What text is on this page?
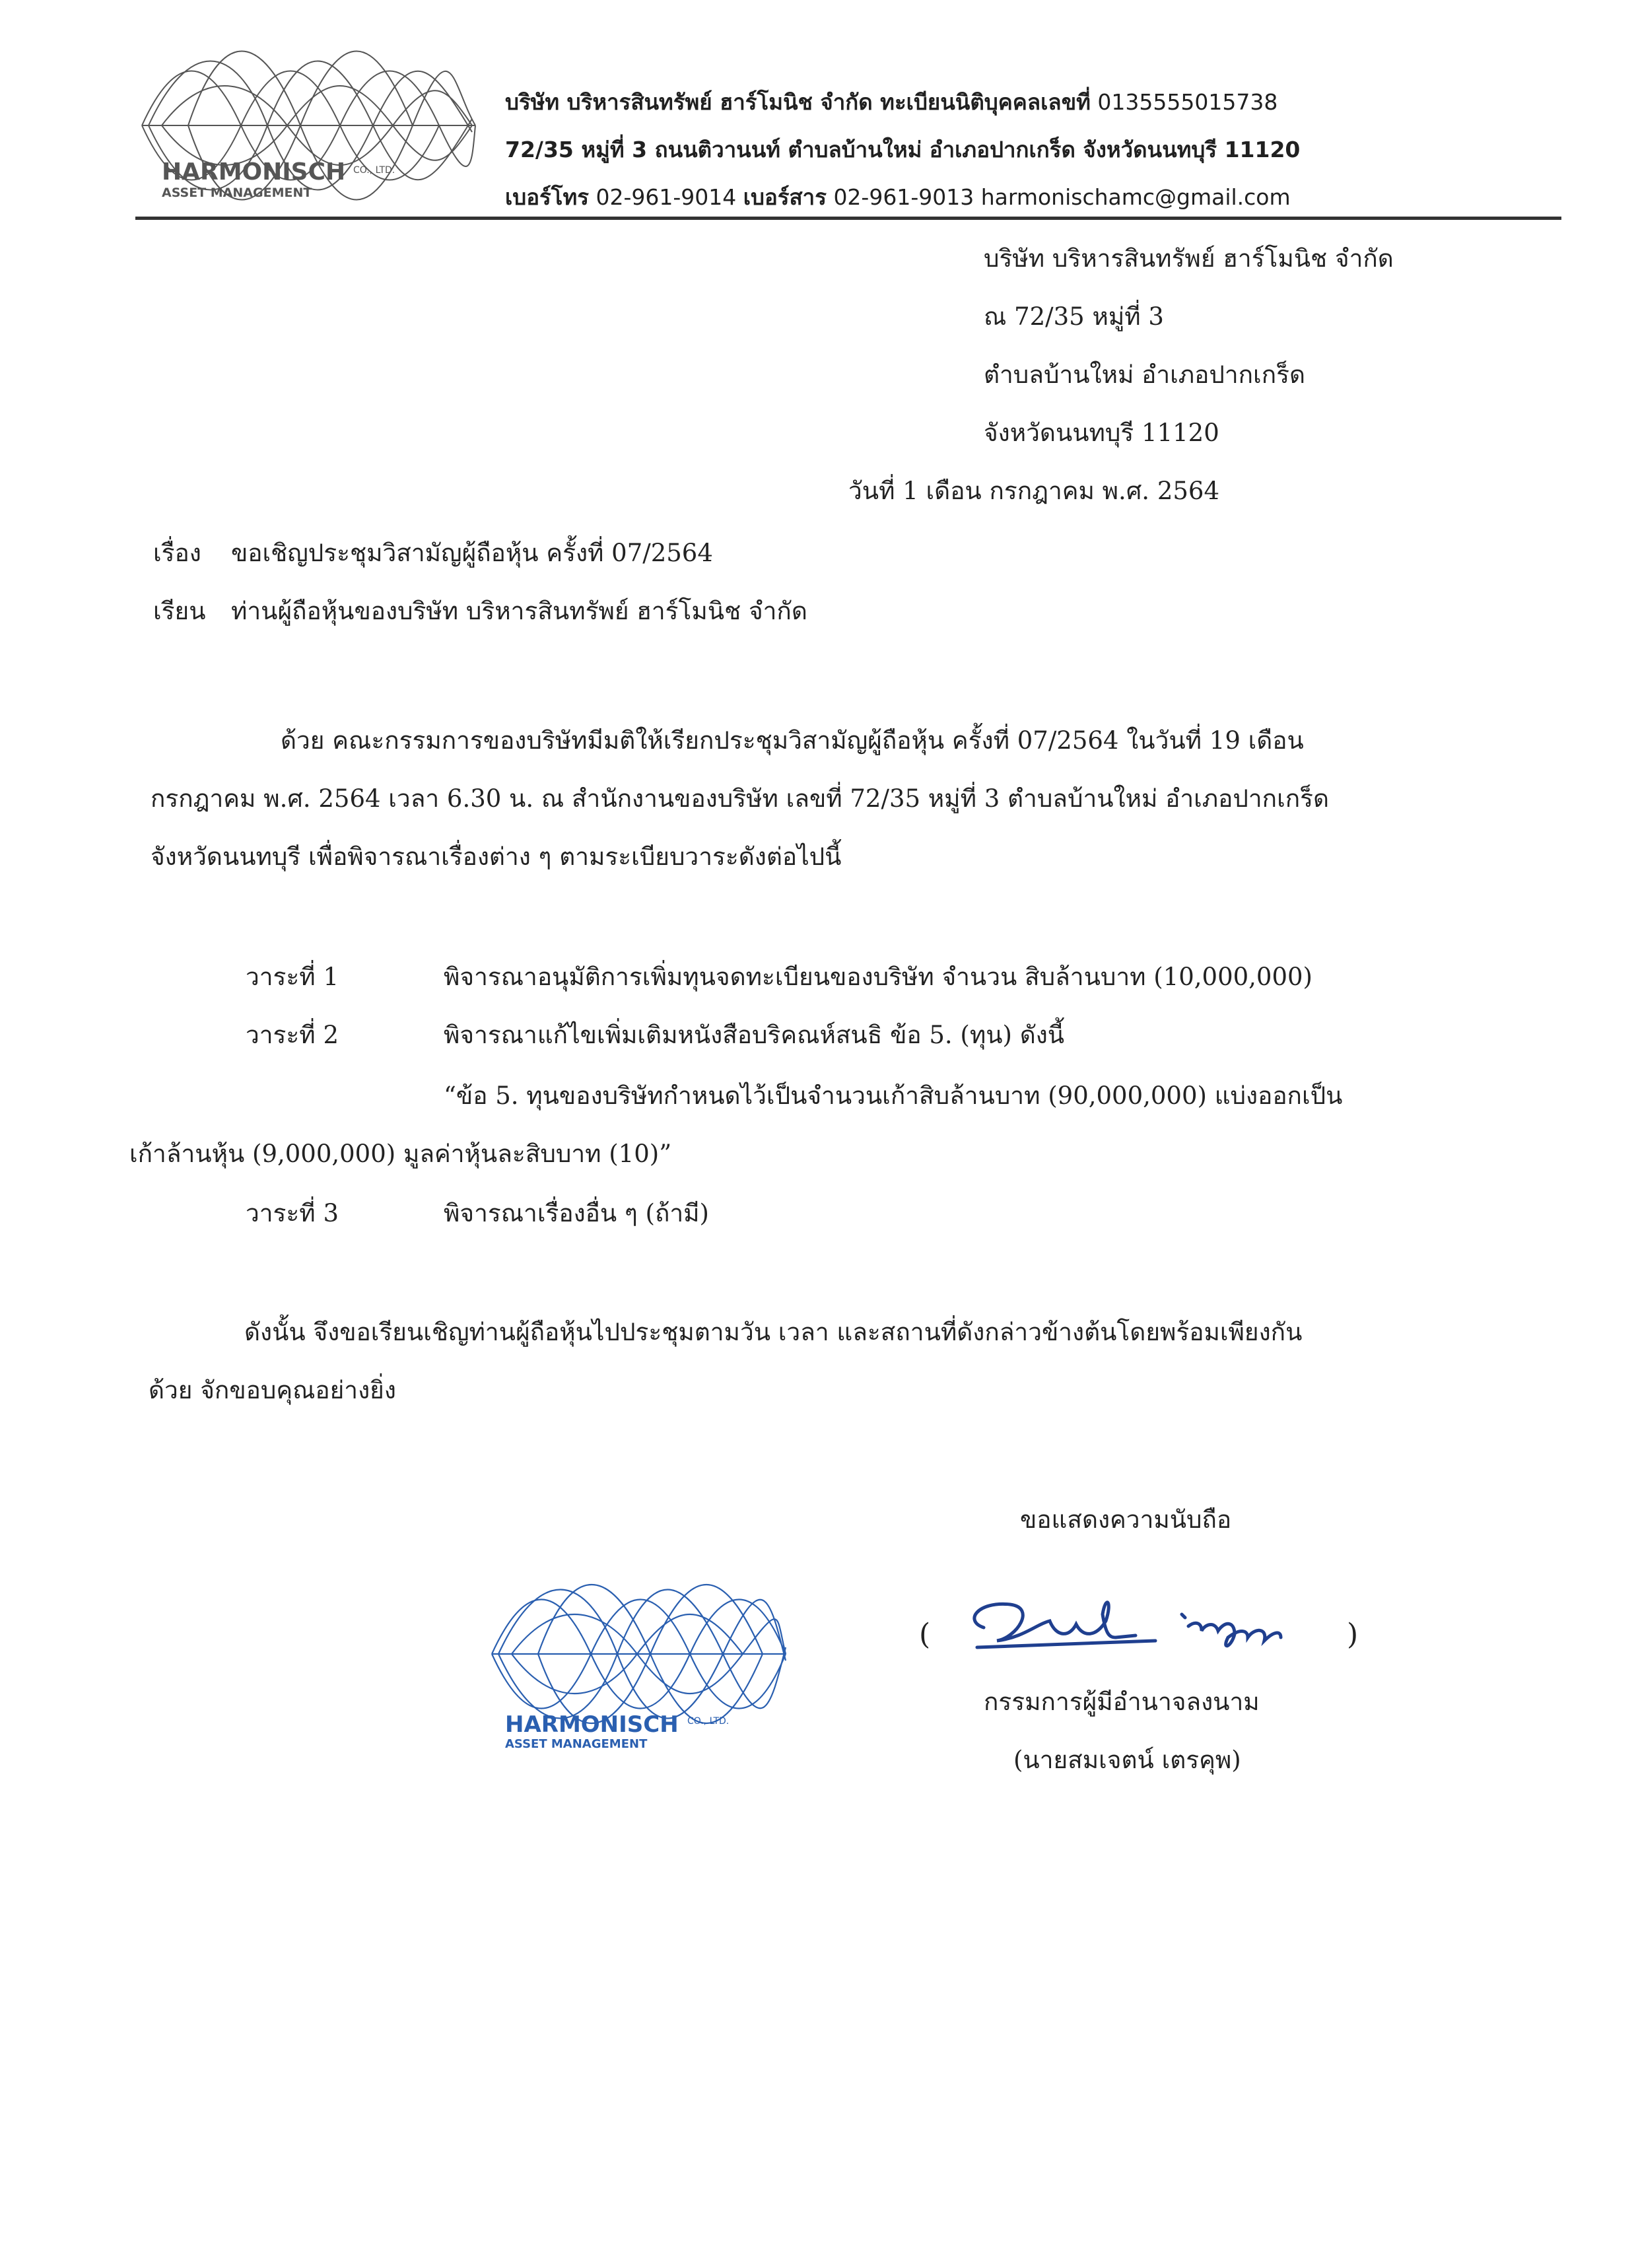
HARMONISCH
ASSET MANAGEMENT
CO., LTD.
บริษัท บริหารสินทรัพย์ ฮาร์โมนิช จำกัด ทะเบียนนิติบุคคลเลขที่ 0135555015738
72/35 หมู่ที่ 3 ถนนติวานนท์ ตำบลบ้านใหม่ อำเภอปากเกร็ด จังหวัดนนทบุรี 11120
เบอร์โทร 02-961-9014 เบอร์สาร 02-961-9013 harmonischamc@gmail.com
บริษัท บริหารสินทรัพย์ ฮาร์โมนิช จำกัด
ณ 72/35 หมู่ที่ 3
ตำบลบ้านใหม่ อำเภอปากเกร็ด
จังหวัดนนทบุรี 11120
วันที่ 1 เดือน กรกฎาคม พ.ศ. 2564
เรื่อง ขอเชิญประชุมวิสามัญผู้ถือหุ้น ครั้งที่ 07/2564
เรียน ท่านผู้ถือหุ้นของบริษัท บริหารสินทรัพย์ ฮาร์โมนิช จำกัด
ด้วย คณะกรรมการของบริษัทมีมติให้เรียกประชุมวิสามัญผู้ถือหุ้น ครั้งที่ 07/2564 ในวันที่ 19 เดือน
กรกฎาคม พ.ศ. 2564 เวลา 6.30 น. ณ สำนักงานของบริษัท เลขที่ 72/35 หมู่ที่ 3 ตำบลบ้านใหม่ อำเภอปากเกร็ด
จังหวัดนนทบุรี เพื่อพิจารณาเรื่องต่าง ๆ ตามระเบียบวาระดังต่อไปนี้
วาระที่ 1	พิจารณาอนุมัติการเพิ่มทุนจดทะเบียนของบริษัท จำนวน สิบล้านบาท (10,000,000)
วาระที่ 2	พิจารณาแก้ไขเพิ่มเติมหนังสือบริคณห์สนธิ ข้อ 5. (ทุน) ดังนี้
“ข้อ 5. ทุนของบริษัทกำหนดไว้เป็นจำนวนเก้าสิบล้านบาท (90,000,000) แบ่งออกเป็น
เก้าล้านหุ้น (9,000,000) มูลค่าหุ้นละสิบบาท (10)”
วาระที่ 3	พิจารณาเรื่องอื่น ๆ (ถ้ามี)
ดังนั้น จึงขอเรียนเชิญท่านผู้ถือหุ้นไปประชุมตามวัน เวลา และสถานที่ดังกล่าวข้างต้นโดยพร้อมเพียงกัน
ด้วย จักขอบคุณอย่างยิ่ง
ขอแสดงความนับถือ
(	)
กรรมการผู้มีอำนาจลงนาม
(นายสมเจตน์ เตรคุพ)
HARMONISCH
ASSET MANAGEMENT
CO., LTD.
